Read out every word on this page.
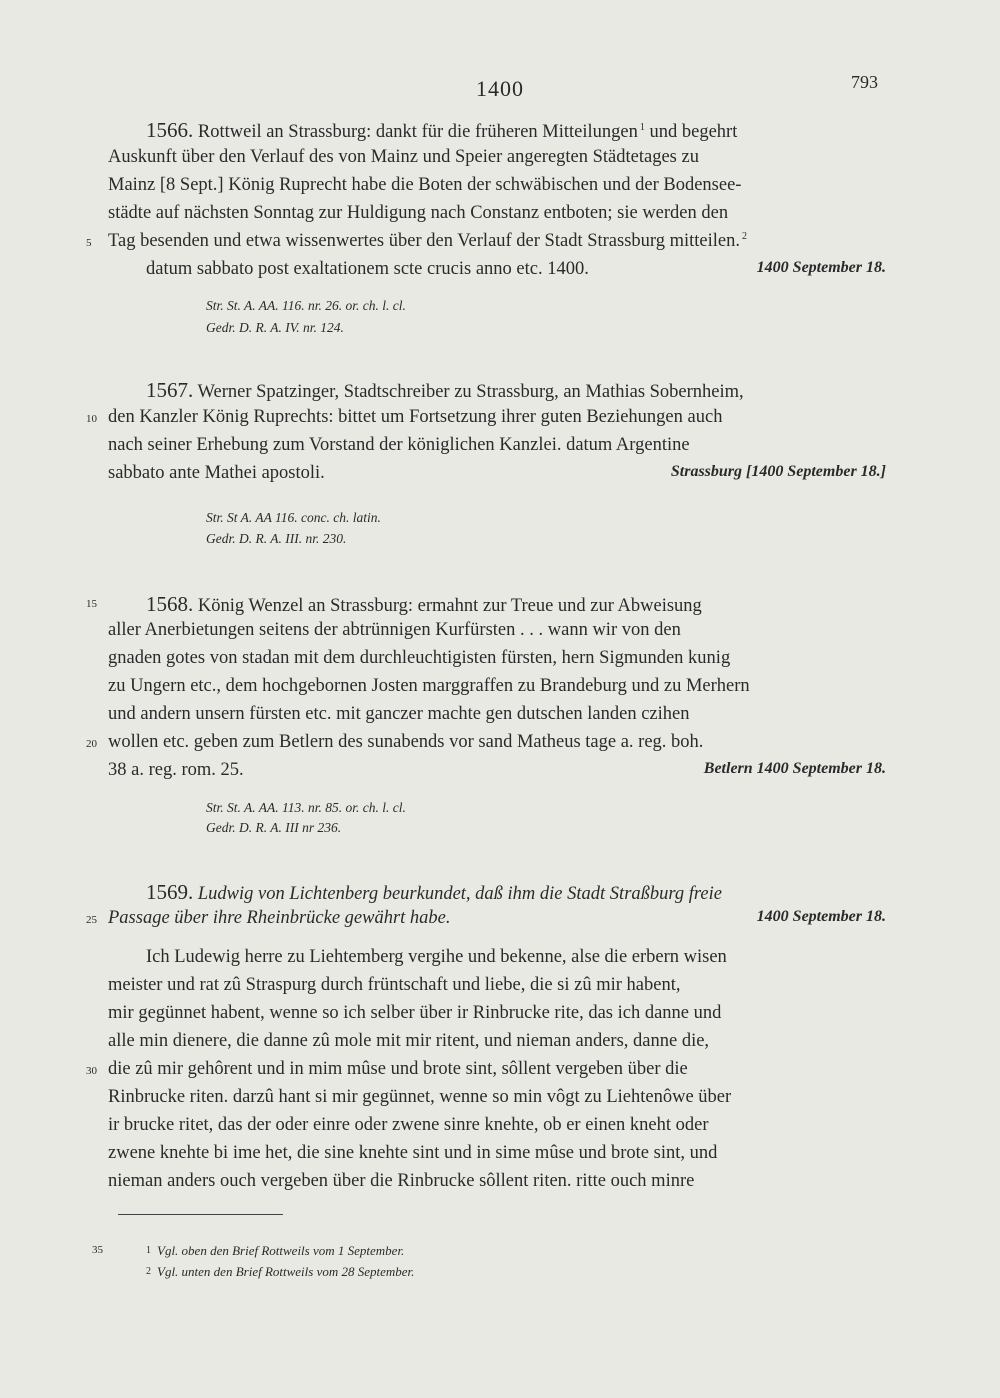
1400	793
1566. Rottweil an Strassburg: dankt für die früheren Mitteilungen $^1$ und begehrt
Auskunft über den Verlauf des von Mainz und Speier angeregten Städtetages zu
Mainz [8 Sept.] König Ruprecht habe die Boten der schwäbischen und der Bodensee-
städte auf nächsten Sonntag zur Huldigung nach Constanz entboten; sie werden den
5 Tag besenden und etwa wissenwertes über den Verlauf der Stadt Strassburg mitteilen. $^2$
datum sabbato post exaltationem scte crucis anno etc. 1400.	1400 September 18.
Str. St. A. AA. 116. nr. 26. or. ch. l. cl.
Gedr. D. R. A. IV. nr. 124.
1567. Werner Spatzinger, Stadtschreiber zu Strassburg, an Mathias Sobernheim,
10 den Kanzler König Ruprechts: bittet um Fortsetzung ihrer guten Beziehungen auch
nach seiner Erhebung zum Vorstand der königlichen Kanzlei. datum Argentine
sabbato ante Mathei apostoli.	Strassburg [1400 September 18.]
Str. St A. AA 116. conc. ch. latin.
Gedr. D. R. A. III. nr. 230.
15 1568. König Wenzel an Strassburg: ermahnt zur Treue und zur Abweisung
aller Anerbietungen seitens der abtrünnigen Kurfürsten . . . wann wir von den
gnaden gotes von stadan mit dem durchleuchtigisten fürsten, hern Sigmunden kunig
zu Ungern etc., dem hochgebornen Josten marggraffen zu Brandeburg und zu Merhern
und andern unsern fürsten etc. mit ganczer machte gen dutschen landen czihen
20 wollen etc. geben zum Betlern des sunabends vor sand Matheus tage a. reg. boh.
38 a. reg. rom. 25.	Betlern 1400 September 18.
Str. St. A. AA. 113. nr. 85. or. ch. l. cl.
Gedr. D. R. A. III nr 236.
1569. Ludwig von Lichtenberg beurkundet, daß ihm die Stadt Straßburg freie
25 Passage über ihre Rheinbrücke gewährt habe.	1400 September 18.
Ich Ludewig herre zu Liehtemberg vergihe und bekenne, alse die erbern wisen
meister und rat zû Straspurg durch früntschaft und liebe, die si zû mir habent,
mir gegünnet habent, wenne so ich selber über ir Rinbrucke rite, das ich danne und
alle min dienere, die danne zû mole mit mir ritent, und nieman anders, danne die,
30 die zû mir gehôrent und in mim mûse und brote sint, sôllent vergeben über die
Rinbrucke riten. darzû hant si mir gegünnet, wenne so min vôgt zu Liehtenôwe über
ir brucke ritet, das der oder einre oder zwene sinre knehte, ob er einen kneht oder
zwene knehte bi ime het, die sine knehte sint und in sime mûse und brote sint, und
nieman anders ouch vergeben über die Rinbrucke sôllent riten. ritte ouch minre
35	1 Vgl. oben den Brief Rottweils vom 1 September.
2 Vgl. unten den Brief Rottweils vom 28 September.
